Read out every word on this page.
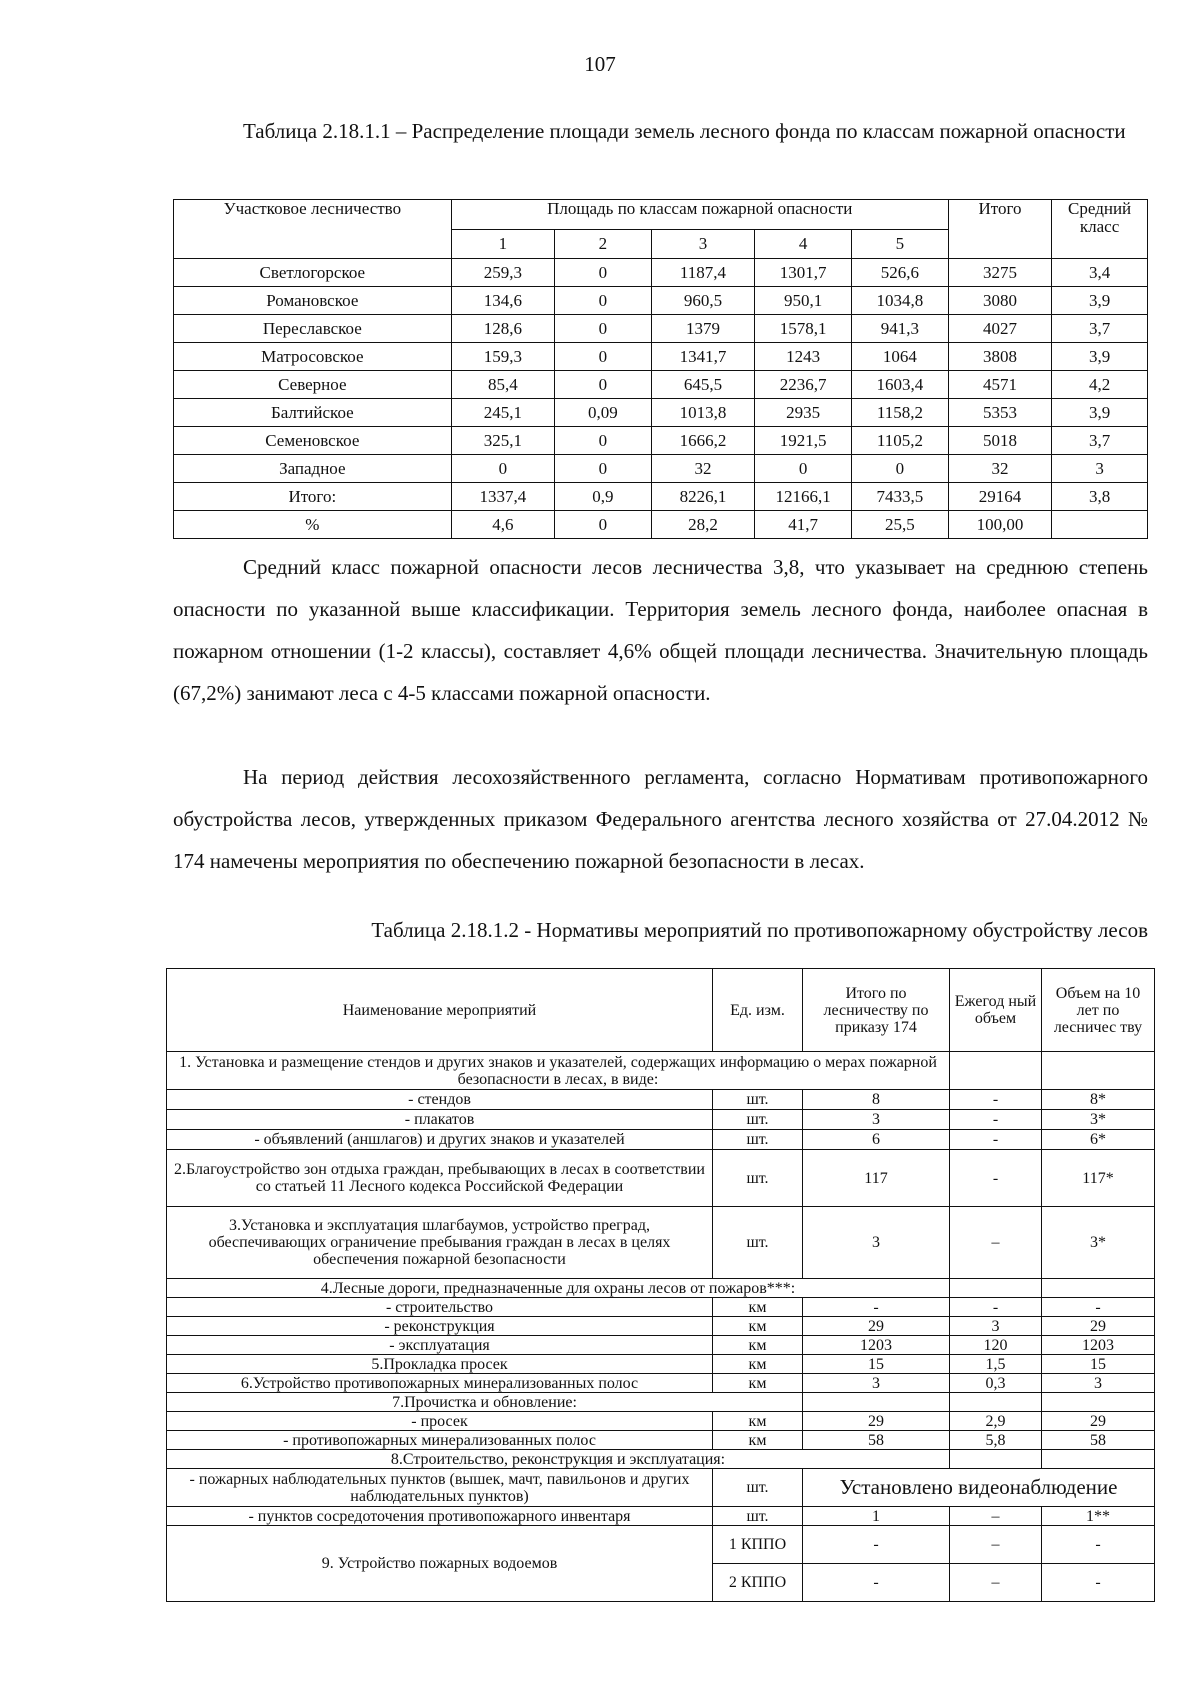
107

Таблица 2.18.1.1 – Распределение площади земель лесного фонда по классам пожарной опасности

Участковое лесничество	Площадь по классам пожарной опасности					Итого	Средний класс
	1	2	3	4	5		
Светлогорское	259,3	0	1187,4	1301,7	526,6	3275	3,4
Романовское	134,6	0	960,5	950,1	1034,8	3080	3,9
Переславское	128,6	0	1379	1578,1	941,3	4027	3,7
Матросовское	159,3	0	1341,7	1243	1064	3808	3,9
Северное	85,4	0	645,5	2236,7	1603,4	4571	4,2
Балтийское	245,1	0,09	1013,8	2935	1158,2	5353	3,9
Семеновское	325,1	0	1666,2	1921,5	1105,2	5018	3,7
Западное	0	0	32	0	0	32	3
Итого:	1337,4	0,9	8226,1	12166,1	7433,5	29164	3,8
%	4,6	0	28,2	41,7	25,5	100,00	

Средний класс пожарной опасности лесов лесничества 3,8, что указывает на среднюю степень опасности по указанной выше классификации. Территория земель лесного фонда, наиболее опасная в пожарном отношении (1-2 классы), составляет 4,6% общей площади лесничества. Значительную площадь (67,2%) занимают леса с 4-5 классами пожарной опасности.

На период действия лесохозяйственного регламента, согласно Нормативам противопожарного обустройства лесов, утвержденных приказом Федерального агентства лесного хозяйства от 27.04.2012 № 174 намечены мероприятия по обеспечению пожарной безопасности в лесах.

Таблица 2.18.1.2 - Нормативы мероприятий по противопожарному обустройству лесов

Наименование мероприятий	Ед. изм.	Итого по лесничеству по приказу 174	Ежегод ный объем	Объем на 10 лет по лесничес тву
1. Установка и размещение стендов и других знаков и указателей, содержащих информацию о мерах пожарной безопасности в лесах, в виде:				
- стендов	шт.	8	-	8*
- плакатов	шт.	3	-	3*
- объявлений (аншлагов) и других знаков и указателей	шт.	6	-	6*
2.Благоустройство зон отдыха граждан, пребывающих в лесах в соответствии со статьей 11 Лесного кодекса Российской Федерации	шт.	117	-	117*
3.Установка и эксплуатация шлагбаумов, устройство преград, обеспечивающих ограничение пребывания граждан в лесах в целях обеспечения пожарной безопасности	шт.	3	–	3*
4.Лесные дороги, предназначенные для охраны лесов от пожаров***:				
- строительство	км	-	-	-
- реконструкция	км	29	3	29
- эксплуатация	км	1203	120	1203
5.Прокладка просек	км	15	1,5	15
6.Устройство противопожарных минерализованных полос	км	3	0,3	3
7.Прочистка и обновление:				
- просек	км	29	2,9	29
- противопожарных минерализованных полос	км	58	5,8	58
8.Строительство, реконструкция и эксплуатация:				
- пожарных наблюдательных пунктов (вышек, мачт, павильонов и других наблюдательных пунктов)	шт.	Установлено видеонаблюдение		
- пунктов сосредоточения противопожарного инвентаря	шт.	1	–	1**
9. Устройство пожарных водоемов	1 КППО	-	–	-
	2 КППО	-	–	-
